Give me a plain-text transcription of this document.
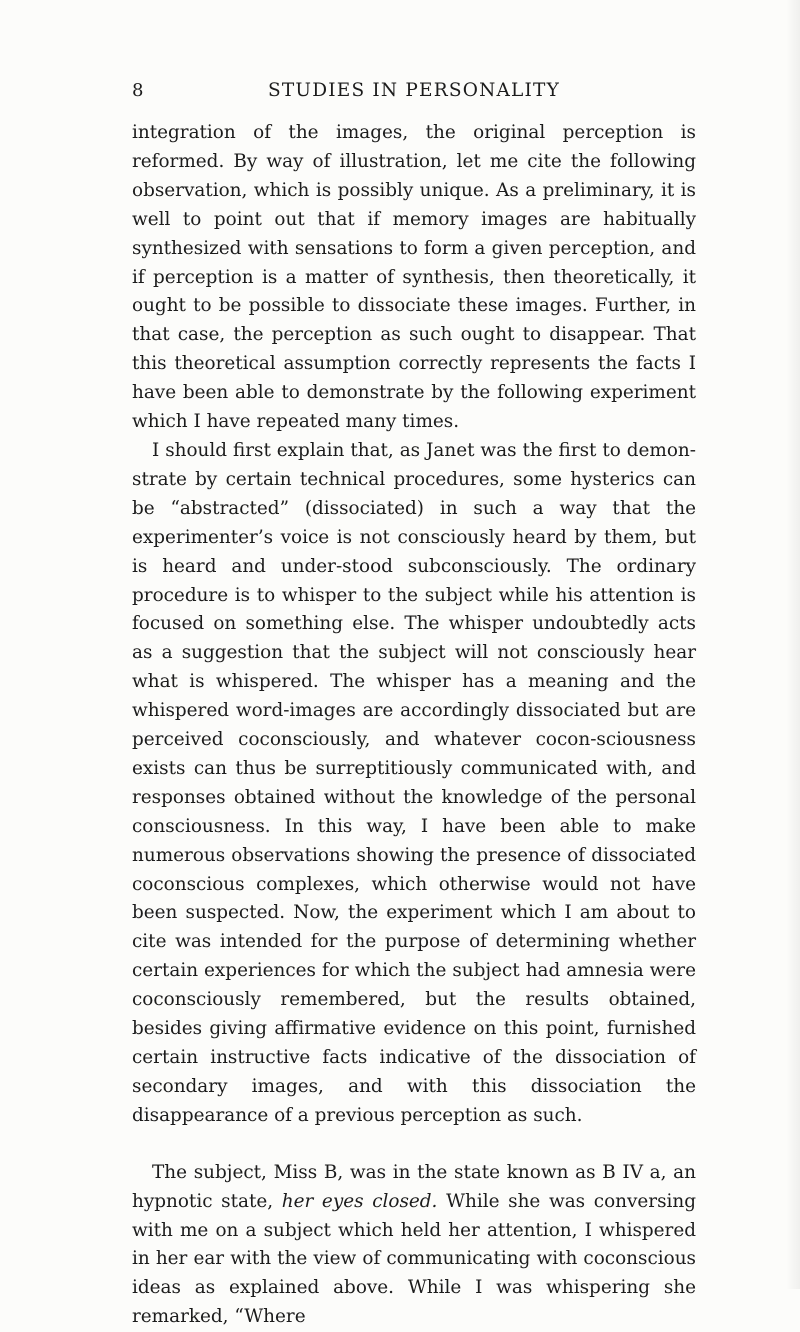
8	STUDIES IN PERSONALITY

integration of the images, the original perception is reformed. By way of illustration, let me cite the following observation, which is possibly unique. As a preliminary, it is well to point out that if memory images are habitually synthesized with sensations to form a given perception, and if perception is a matter of synthesis, then theoretically, it ought to be possible to dissociate these images. Further, in that case, the perception as such ought to disappear. That this theoretical assumption correctly represents the facts I have been able to demonstrate by the following experiment which I have repeated many times.

I should first explain that, as Janet was the first to demon-strate by certain technical procedures, some hysterics can be “abstracted” (dissociated) in such a way that the experimenter’s voice is not consciously heard by them, but is heard and under-stood subconsciously. The ordinary procedure is to whisper to the subject while his attention is focused on something else. The whisper undoubtedly acts as a suggestion that the subject will not consciously hear what is whispered. The whisper has a meaning and the whispered word-images are accordingly dissociated but are perceived coconsciously, and whatever cocon-sciousness exists can thus be surreptitiously communicated with, and responses obtained without the knowledge of the personal consciousness. In this way, I have been able to make numerous observations showing the presence of dissociated coconscious complexes, which otherwise would not have been suspected. Now, the experiment which I am about to cite was intended for the purpose of determining whether certain experiences for which the subject had amnesia were coconsciously remembered, but the results obtained, besides giving affirmative evidence on this point, furnished certain instructive facts indicative of the dissociation of secondary images, and with this dissociation the disappearance of a previous perception as such.

The subject, Miss B, was in the state known as B IV a, an hypnotic state, her eyes closed. While she was conversing with me on a subject which held her attention, I whispered in her ear with the view of communicating with coconscious ideas as explained above. While I was whispering she remarked, “Where
